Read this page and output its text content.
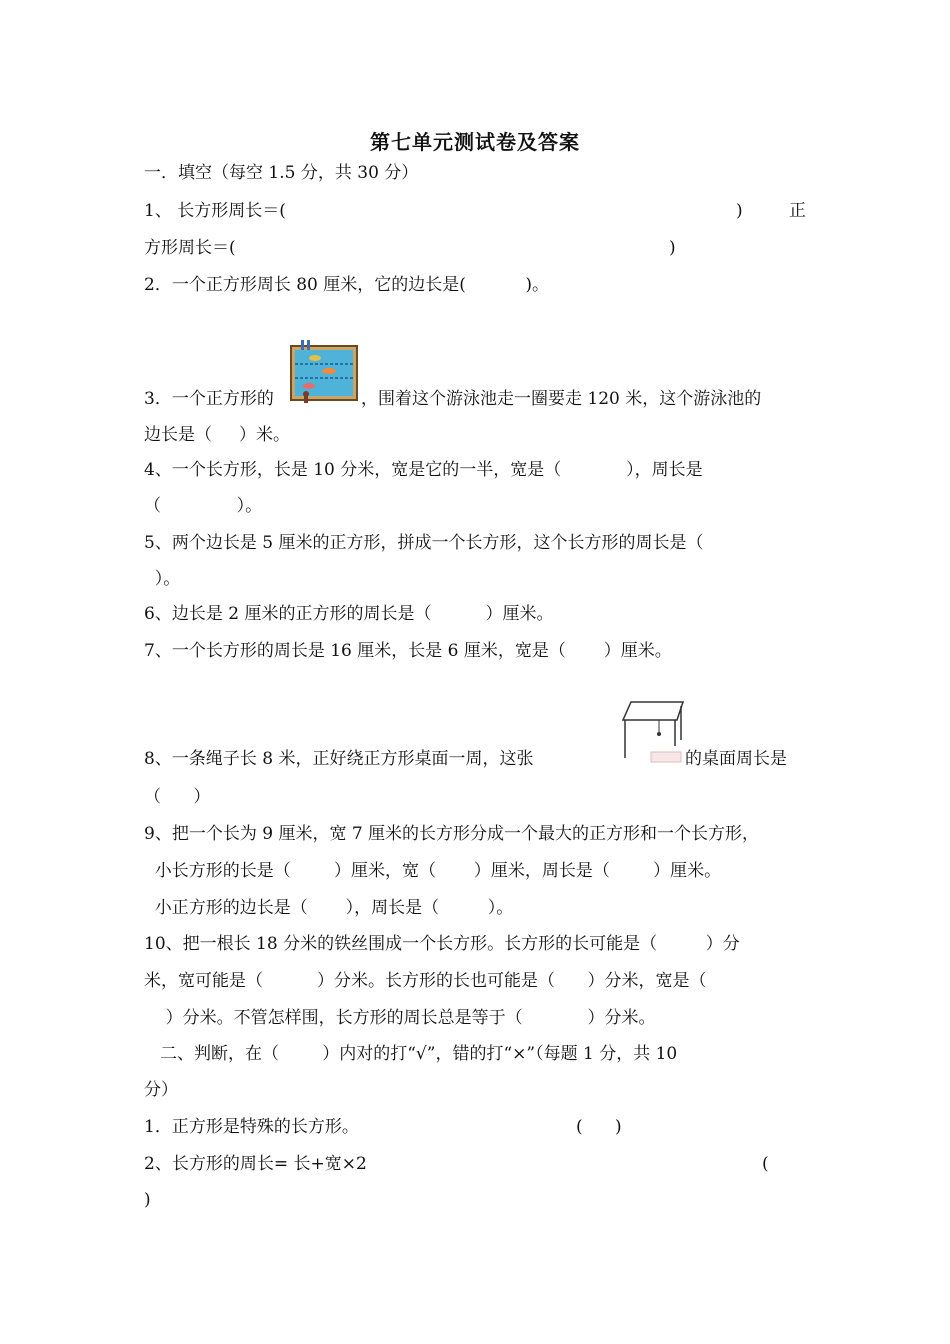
第七单元测试卷及答案
一．填空（每空 1.5 分，共 30 分）
1、 长方形周长＝(	)	正
方形周长＝(	)
2．一个正方形周长 80 厘米，它的边长是(           )。
3．一个正方形的	，围着这个游泳池走一圈要走 120 米，这个游泳池的
边长是（     ）米。
4、一个长方形，长是 10 分米，宽是它的一半，宽是（            ），周长是
（              ）。
5、两个边长是 5 厘米的正方形，拼成一个长方形，这个长方形的周长是（
）。
6、边长是 2 厘米的正方形的周长是（          ）厘米。
7、一个长方形的周长是 16 厘米，长是 6 厘米，宽是（       ）厘米。
8、一条绳子长 8 米，正好绕正方形桌面一周，这张	的桌面周长是
（      ）
9、把一个长为 9 厘米，宽 7 厘米的长方形分成一个最大的正方形和一个长方形，
小长方形的长是（        ）厘米，宽（       ）厘米，周长是（        ）厘米。
小正方形的边长是（       ），周长是（         ）。
10、把一根长 18 分米的铁丝围成一个长方形。长方形的长可能是（         ）分
米，宽可能是（          ）分米。长方形的长也可能是（      ）分米，宽是（
）分米。不管怎样围，长方形的周长总是等于（            ）分米。
二、判断，在（        ）内对的打“√”，错的打“×”（每题 1 分，共 10
分）
1．正方形是特殊的长方形。	(      )
2、长方形的周长= 长+宽×2	(
)
